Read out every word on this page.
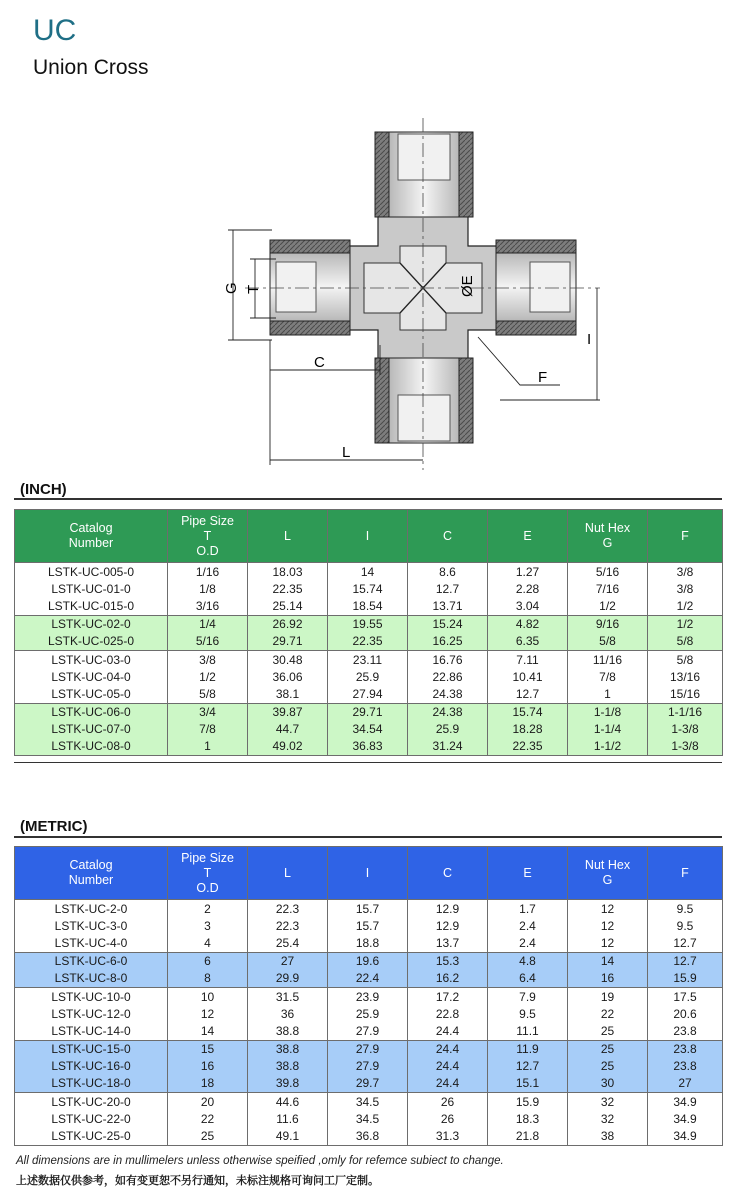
UC
Union Cross
G T
C
ØE
F
I
L
(INCH)
Catalog
Number	Pipe Size
T
O.D	L	I	C	E	Nut Hex
G	F
LSTK-UC-005-0	1/16	18.03	14	8.6	1.27	5/16	3/8
LSTK-UC-01-0	1/8	22.35	15.74	12.7	2.28	7/16	3/8
LSTK-UC-015-0	3/16	25.14	18.54	13.71	3.04	1/2	1/2
LSTK-UC-02-0	1/4	26.92	19.55	15.24	4.82	9/16	1/2
LSTK-UC-025-0	5/16	29.71	22.35	16.25	6.35	5/8	5/8
LSTK-UC-03-0	3/8	30.48	23.11	16.76	7.11	11/16	5/8
LSTK-UC-04-0	1/2	36.06	25.9	22.86	10.41	7/8	13/16
LSTK-UC-05-0	5/8	38.1	27.94	24.38	12.7	1	15/16
LSTK-UC-06-0	3/4	39.87	29.71	24.38	15.74	1-1/8	1-1/16
LSTK-UC-07-0	7/8	44.7	34.54	25.9	18.28	1-1/4	1-3/8
LSTK-UC-08-0	1	49.02	36.83	31.24	22.35	1-1/2	1-3/8
(METRIC)
Catalog
Number	Pipe Size
T
O.D	L	I	C	E	Nut Hex
G	F
LSTK-UC-2-0	2	22.3	15.7	12.9	1.7	12	9.5
LSTK-UC-3-0	3	22.3	15.7	12.9	2.4	12	9.5
LSTK-UC-4-0	4	25.4	18.8	13.7	2.4	12	12.7
LSTK-UC-6-0	6	27	19.6	15.3	4.8	14	12.7
LSTK-UC-8-0	8	29.9	22.4	16.2	6.4	16	15.9
LSTK-UC-10-0	10	31.5	23.9	17.2	7.9	19	17.5
LSTK-UC-12-0	12	36	25.9	22.8	9.5	22	20.6
LSTK-UC-14-0	14	38.8	27.9	24.4	11.1	25	23.8
LSTK-UC-15-0	15	38.8	27.9	24.4	11.9	25	23.8
LSTK-UC-16-0	16	38.8	27.9	24.4	12.7	25	23.8
LSTK-UC-18-0	18	39.8	29.7	24.4	15.1	30	27
LSTK-UC-20-0	20	44.6	34.5	26	15.9	32	34.9
LSTK-UC-22-0	22	11.6	34.5	26	18.3	32	34.9
LSTK-UC-25-0	25	49.1	36.8	31.3	21.8	38	34.9
All dimensions are in mullimelers unless otherwise speified ,omly for refemce subiect to change.
上述数据仅供参考，如有变更恕不另行通知，未标注规格可询问工厂定制。
